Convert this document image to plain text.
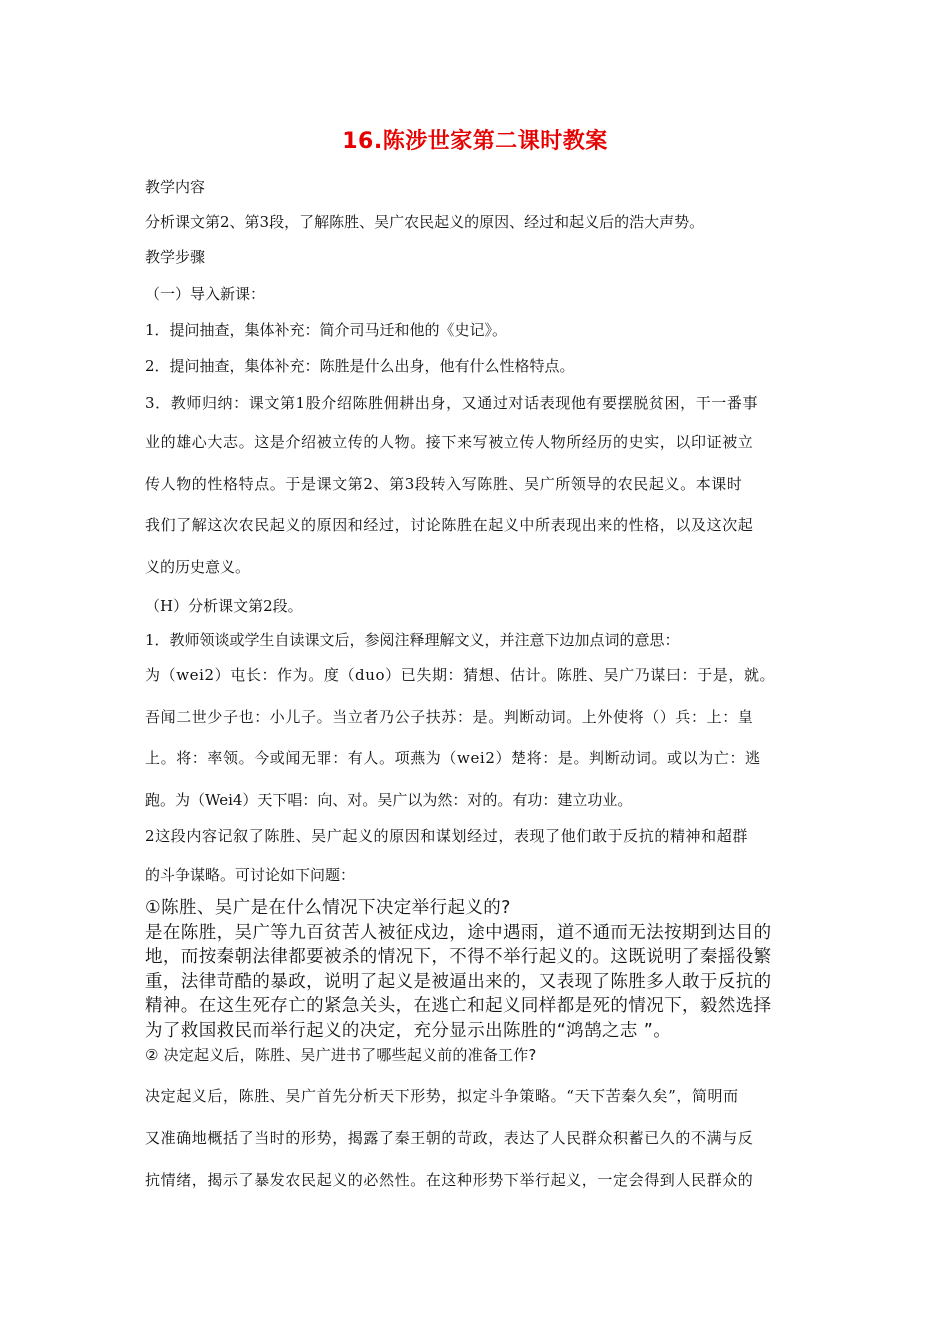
16.陈涉世家第二课时教案
教学内容
分析课文第2、第3段，了解陈胜、吴广农民起义的原因、经过和起义后的浩大声势。
教学步骤
（一）导入新课：
1．提问抽查，集体补充：简介司马迁和他的《史记》。
2．提问抽查，集体补充：陈胜是什么出身，他有什么性格特点。
3．教师归纳：课文第1股介绍陈胜佣耕出身，又通过对话表现他有要摆脱贫困，干一番事
业的雄心大志。这是介绍被立传的人物。接下来写被立传人物所经历的史实，以印证被立
传人物的性格特点。于是课文第2、第3段转入写陈胜、吴广所领导的农民起义。本课时
我们了解这次农民起义的原因和经过，讨论陈胜在起义中所表现出来的性格，以及这次起
义的历史意义。
（H）分析课文第2段。
1．教师领谈或学生自读课文后，参阅注释理解文义，并注意下边加点词的意思：
为（wei2）屯长：作为。度（duo）已失期：猜想、估计。陈胜、吴广乃谋曰：于是，就。
吾闻二世少子也：小儿子。当立者乃公子扶苏：是。判断动词。上外使将（）兵：上：皇
上。将：率领。今或闻无罪：有人。项燕为（wei2）楚将：是。判断动词。或以为亡：逃
跑。为（Wei4）天下唱：向、对。吴广以为然：对的。有功：建立功业。
2这段内容记叙了陈胜、吴广起义的原因和谋划经过，表现了他们敢于反抗的精神和超群
的斗争谋略。可讨论如下问题：
①陈胜、吴广是在什么情况下决定举行起义的?
是在陈胜，吴广等九百贫苦人被征戍边，途中遇雨，道不通而无法按期到达目的
地，而按秦朝法律都要被杀的情况下，不得不举行起义的。这既说明了秦摇役繁
重，法律苛酷的暴政，说明了起义是被逼出来的，又表现了陈胜多人敢于反抗的
精神。在这生死存亡的紧急关头，在逃亡和起义同样都是死的情况下，毅然选择
为了救国救民而举行起义的决定，充分显示出陈胜的“鸿鹄之志 ”。
② 决定起义后，陈胜、吴广进书了哪些起义前的准备工作?
决定起义后，陈胜、吴广首先分析天下形势，拟定斗争策略。“天下苦秦久矣”，简明而
又准确地概括了当时的形势，揭露了秦王朝的苛政，表达了人民群众积蓄已久的不满与反
抗情绪，揭示了暴发农民起义的必然性。在这种形势下举行起义，一定会得到人民群众的
